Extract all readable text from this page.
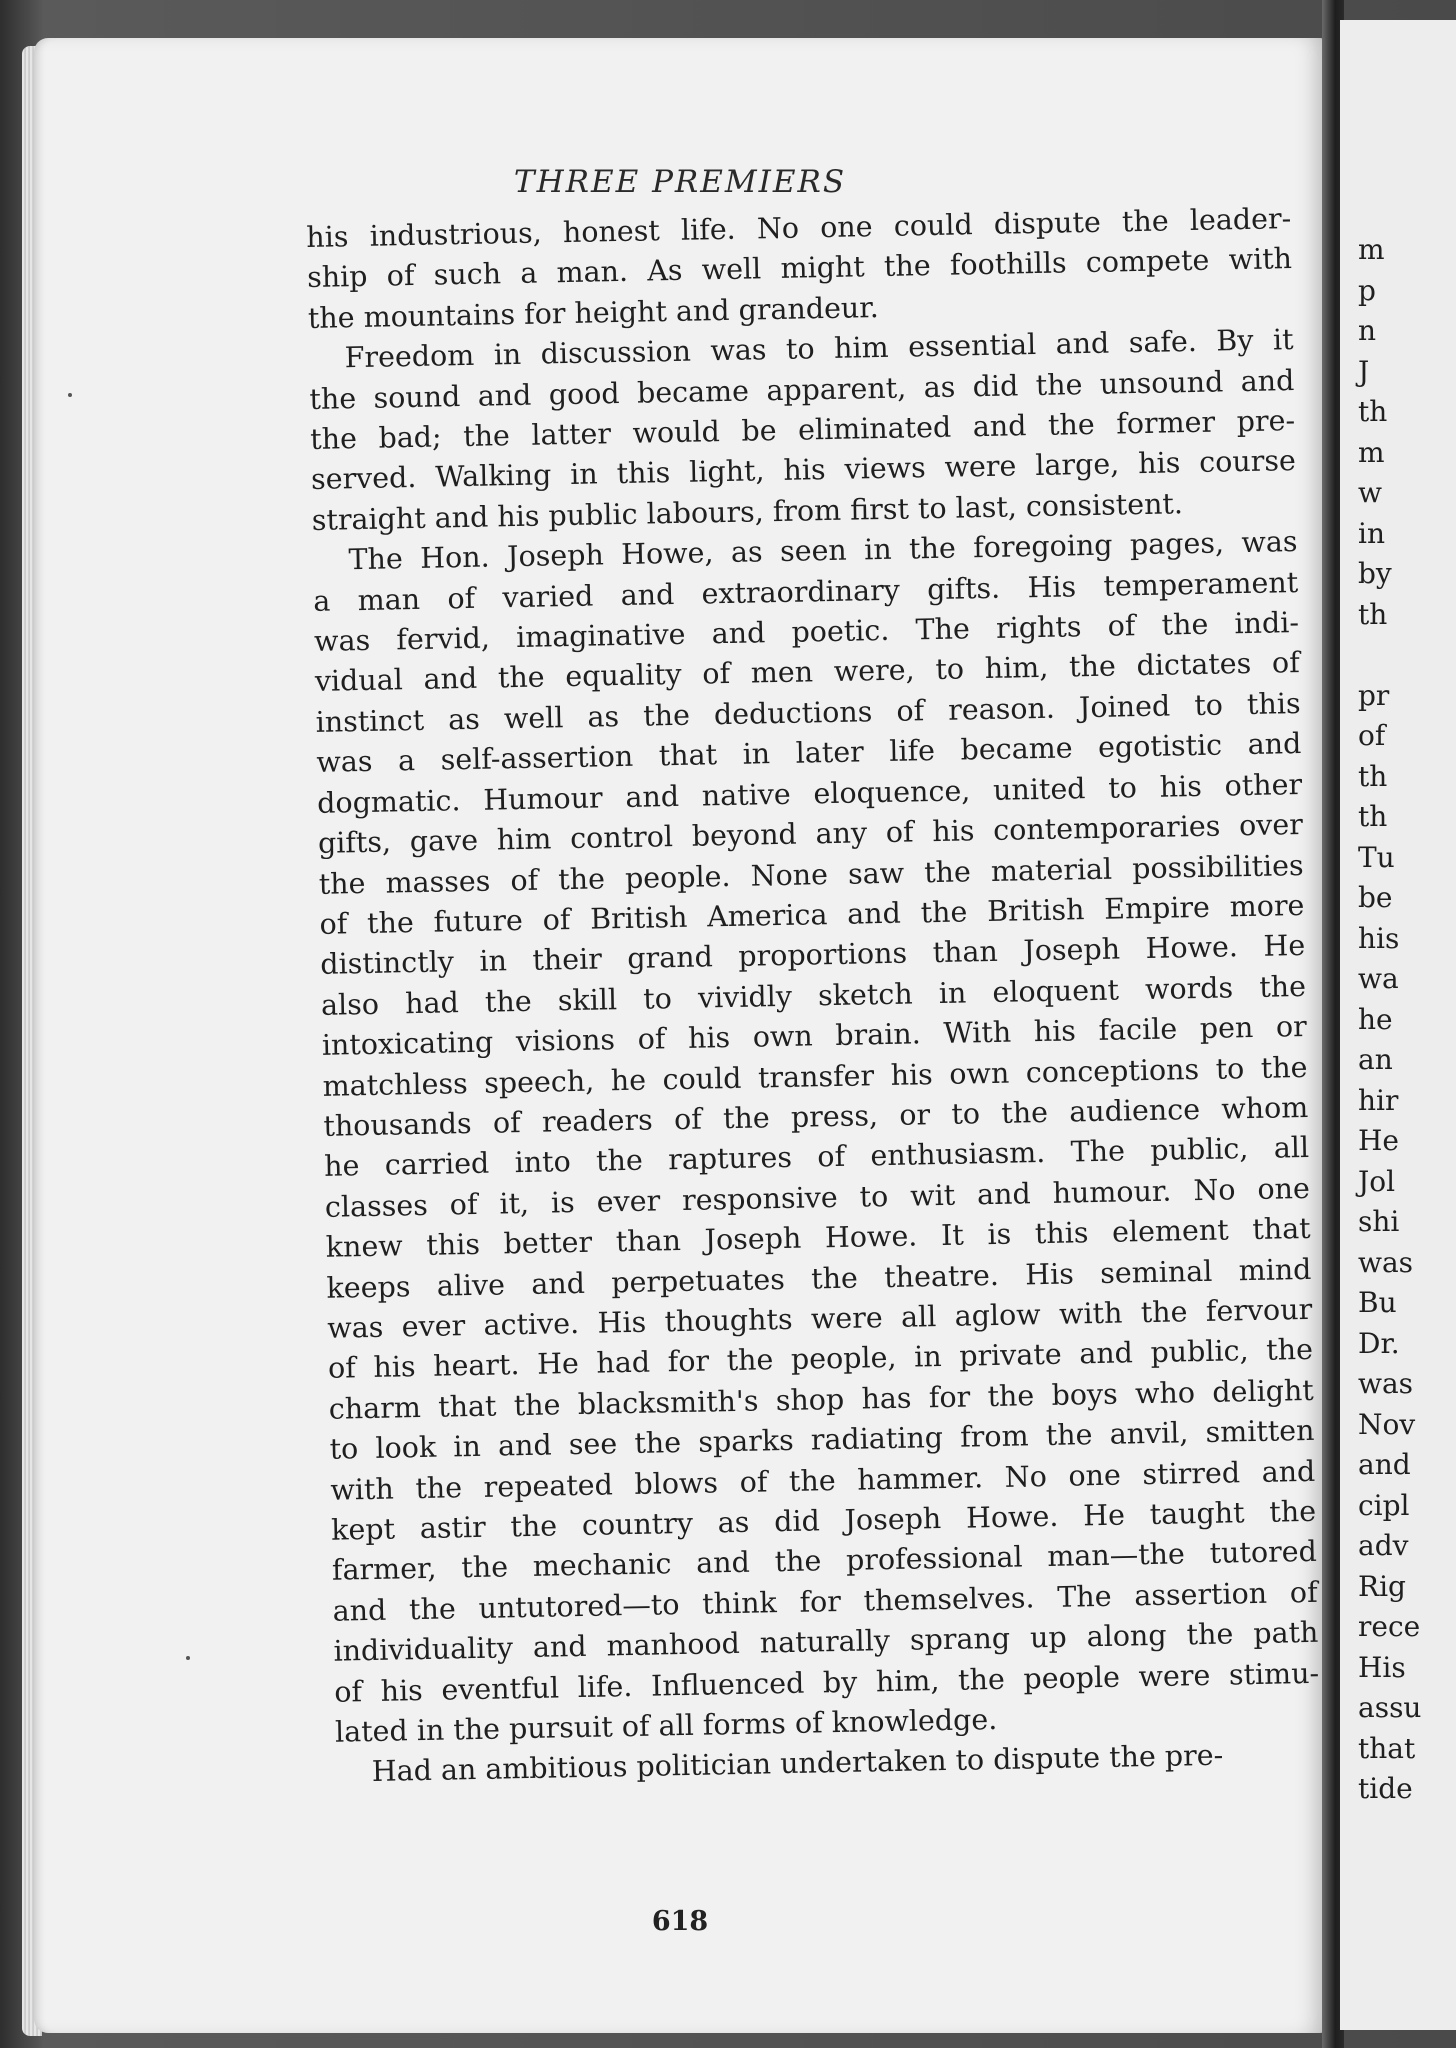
THREE PREMIERS

his industrious, honest life. No one could dispute the leader-
ship of such a man. As well might the foothills compete with
the mountains for height and grandeur.

Freedom in discussion was to him essential and safe. By it
the sound and good became apparent, as did the unsound and
the bad; the latter would be eliminated and the former pre-
served. Walking in this light, his views were large, his course
straight and his public labours, from first to last, consistent.

The Hon. Joseph Howe, as seen in the foregoing pages, was
a man of varied and extraordinary gifts. His temperament
was fervid, imaginative and poetic. The rights of the indi-
vidual and the equality of men were, to him, the dictates of
instinct as well as the deductions of reason. Joined to this
was a self-assertion that in later life became egotistic and
dogmatic. Humour and native eloquence, united to his other
gifts, gave him control beyond any of his contemporaries over
the masses of the people. None saw the material possibilities
of the future of British America and the British Empire more
distinctly in their grand proportions than Joseph Howe. He
also had the skill to vividly sketch in eloquent words the
intoxicating visions of his own brain. With his facile pen or
matchless speech, he could transfer his own conceptions to the
thousands of readers of the press, or to the audience whom
he carried into the raptures of enthusiasm. The public, all
classes of it, is ever responsive to wit and humour. No one
knew this better than Joseph Howe. It is this element that
keeps alive and perpetuates the theatre. His seminal mind
was ever active. His thoughts were all aglow with the fervour
of his heart. He had for the people, in private and public, the
charm that the blacksmith's shop has for the boys who delight
to look in and see the sparks radiating from the anvil, smitten
with the repeated blows of the hammer. No one stirred and
kept astir the country as did Joseph Howe. He taught the
farmer, the mechanic and the professional man—the tutored
and the untutored—to think for themselves. The assertion of
individuality and manhood naturally sprang up along the path
of his eventful life. Influenced by him, the people were stimu-
lated in the pursuit of all forms of knowledge.

Had an ambitious politician undertaken to dispute the pre-

618
m
p
n
J
th
m
w
in
by
th
pr
of
th
th
Tu
be
his
wa
he
an
hir
He
Jol
shi
was
Bu
Dr.
was
Nov
and
cipl
adv
Rig
rece
His
assu
that
tide
